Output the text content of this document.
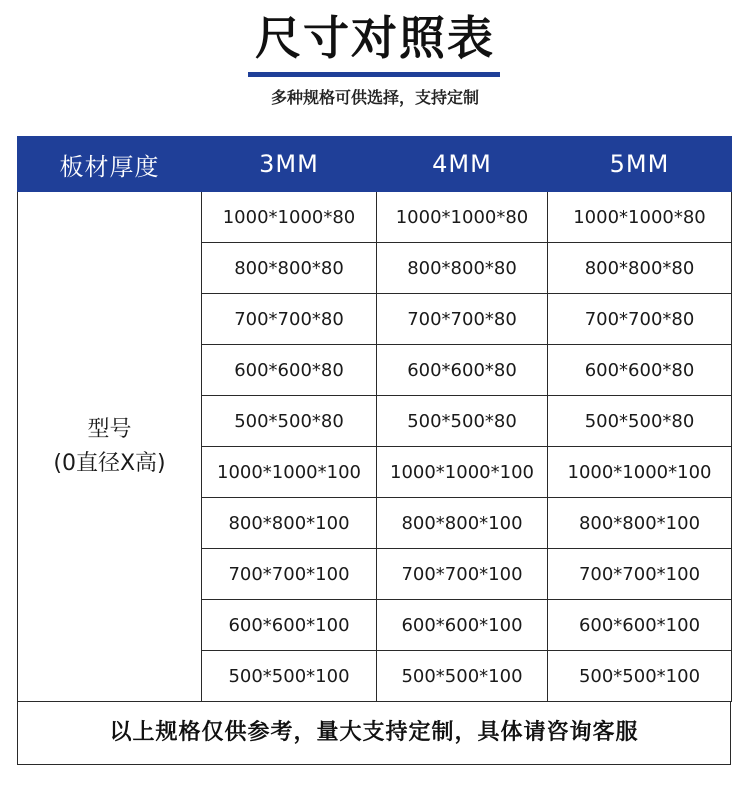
尺寸对照表
多种规格可供选择，支持定制
板材厚度	3MM	4MM	5MM

型号
(0直径X高)	1000*1000*80	1000*1000*80	1000*1000*80
	800*800*80	800*800*80	800*800*80
	700*700*80	700*700*80	700*700*80
	600*600*80	600*600*80	600*600*80
	500*500*80	500*500*80	500*500*80
	1000*1000*100	1000*1000*100	1000*1000*100
	800*800*100	800*800*100	800*800*100
	700*700*100	700*700*100	700*700*100
	600*600*100	600*600*100	600*600*100
	500*500*100	500*500*100	500*500*100
以上规格仅供参考，量大支持定制，具体请咨询客服
